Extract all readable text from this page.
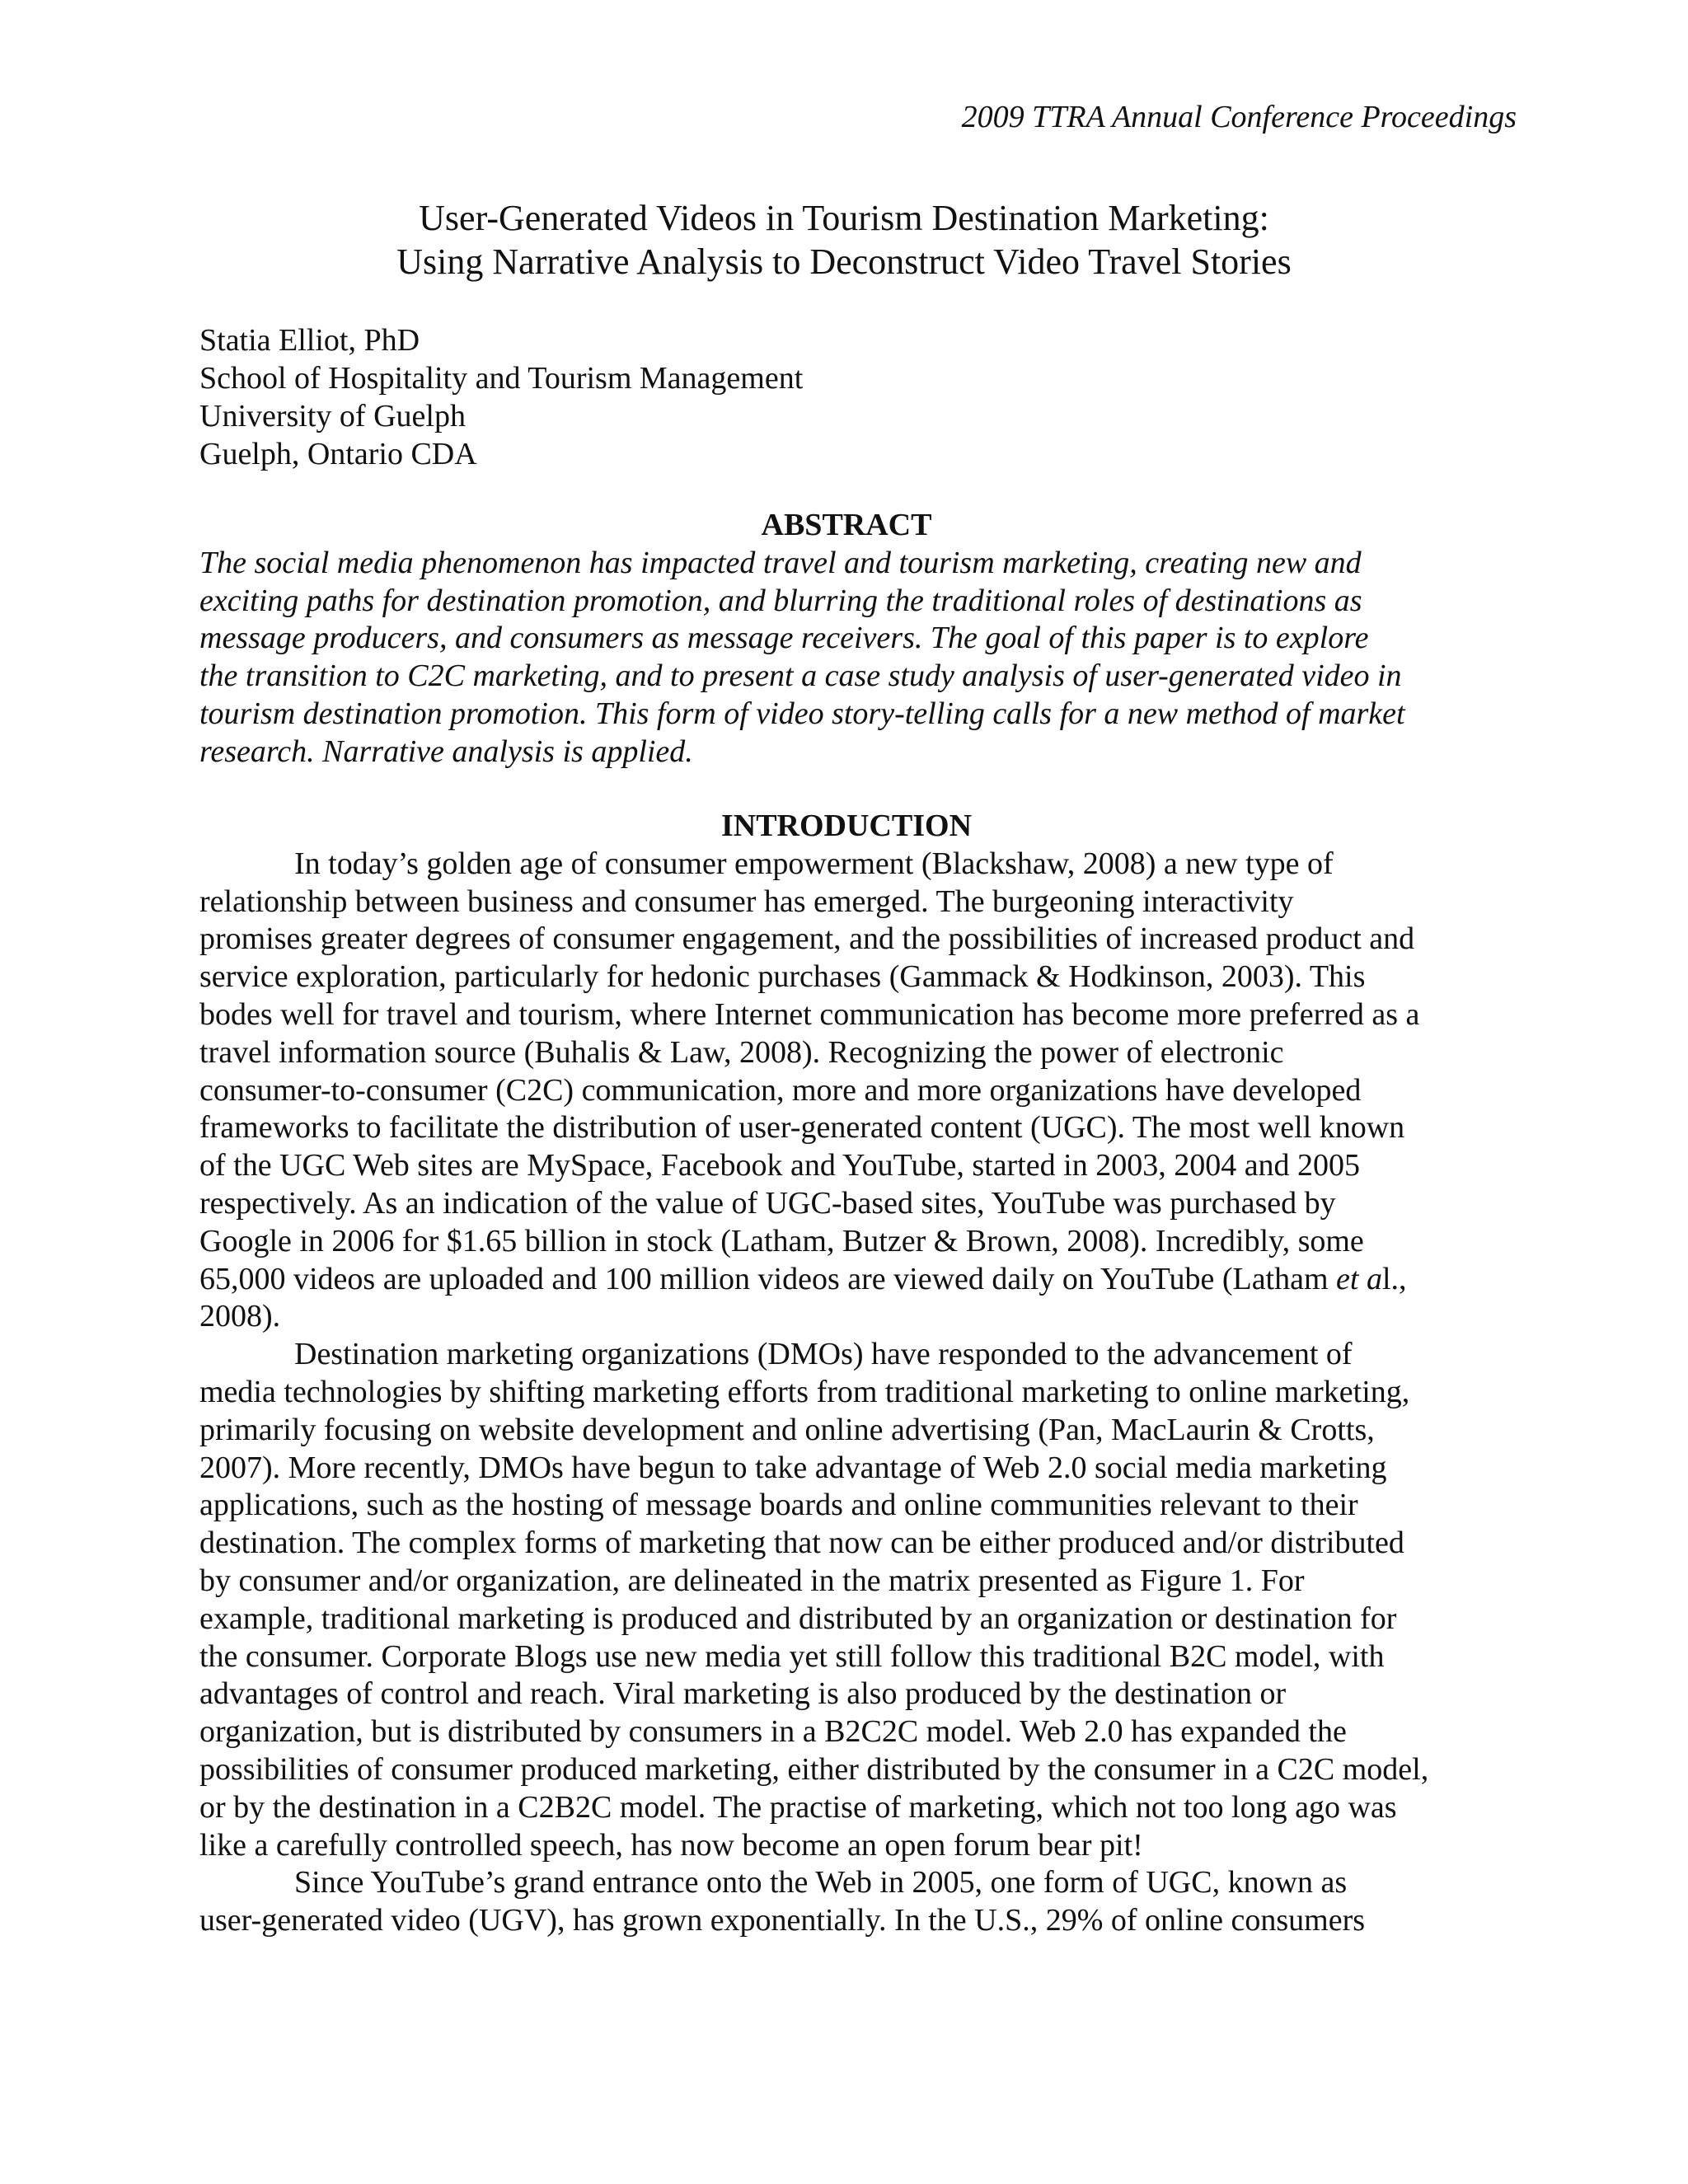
2009 TTRA Annual Conference Proceedings
User-Generated Videos in Tourism Destination Marketing:
Using Narrative Analysis to Deconstruct Video Travel Stories
Statia Elliot, PhD
School of Hospitality and Tourism Management
University of Guelph
Guelph, Ontario CDA
ABSTRACT
The social media phenomenon has impacted travel and tourism marketing, creating new and
exciting paths for destination promotion, and blurring the traditional roles of destinations as
message producers, and consumers as message receivers. The goal of this paper is to explore
the transition to C2C marketing, and to present a case study analysis of user-generated video in
tourism destination promotion. This form of video story-telling calls for a new method of market
research. Narrative analysis is applied.
INTRODUCTION
In today’s golden age of consumer empowerment (Blackshaw, 2008) a new type of
relationship between business and consumer has emerged. The burgeoning interactivity
promises greater degrees of consumer engagement, and the possibilities of increased product and
service exploration, particularly for hedonic purchases (Gammack & Hodkinson, 2003). This
bodes well for travel and tourism, where Internet communication has become more preferred as a
travel information source (Buhalis & Law, 2008). Recognizing the power of electronic
consumer-to-consumer (C2C) communication, more and more organizations have developed
frameworks to facilitate the distribution of user-generated content (UGC). The most well known
of the UGC Web sites are MySpace, Facebook and YouTube, started in 2003, 2004 and 2005
respectively. As an indication of the value of UGC-based sites, YouTube was purchased by
Google in 2006 for $1.65 billion in stock (Latham, Butzer & Brown, 2008). Incredibly, some
65,000 videos are uploaded and 100 million videos are viewed daily on YouTube (Latham et al.,
2008).
Destination marketing organizations (DMOs) have responded to the advancement of
media technologies by shifting marketing efforts from traditional marketing to online marketing,
primarily focusing on website development and online advertising (Pan, MacLaurin & Crotts,
2007). More recently, DMOs have begun to take advantage of Web 2.0 social media marketing
applications, such as the hosting of message boards and online communities relevant to their
destination. The complex forms of marketing that now can be either produced and/or distributed
by consumer and/or organization, are delineated in the matrix presented as Figure 1. For
example, traditional marketing is produced and distributed by an organization or destination for
the consumer. Corporate Blogs use new media yet still follow this traditional B2C model, with
advantages of control and reach. Viral marketing is also produced by the destination or
organization, but is distributed by consumers in a B2C2C model. Web 2.0 has expanded the
possibilities of consumer produced marketing, either distributed by the consumer in a C2C model,
or by the destination in a C2B2C model. The practise of marketing, which not too long ago was
like a carefully controlled speech, has now become an open forum bear pit!
Since YouTube’s grand entrance onto the Web in 2005, one form of UGC, known as
user-generated video (UGV), has grown exponentially. In the U.S., 29% of online consumers
